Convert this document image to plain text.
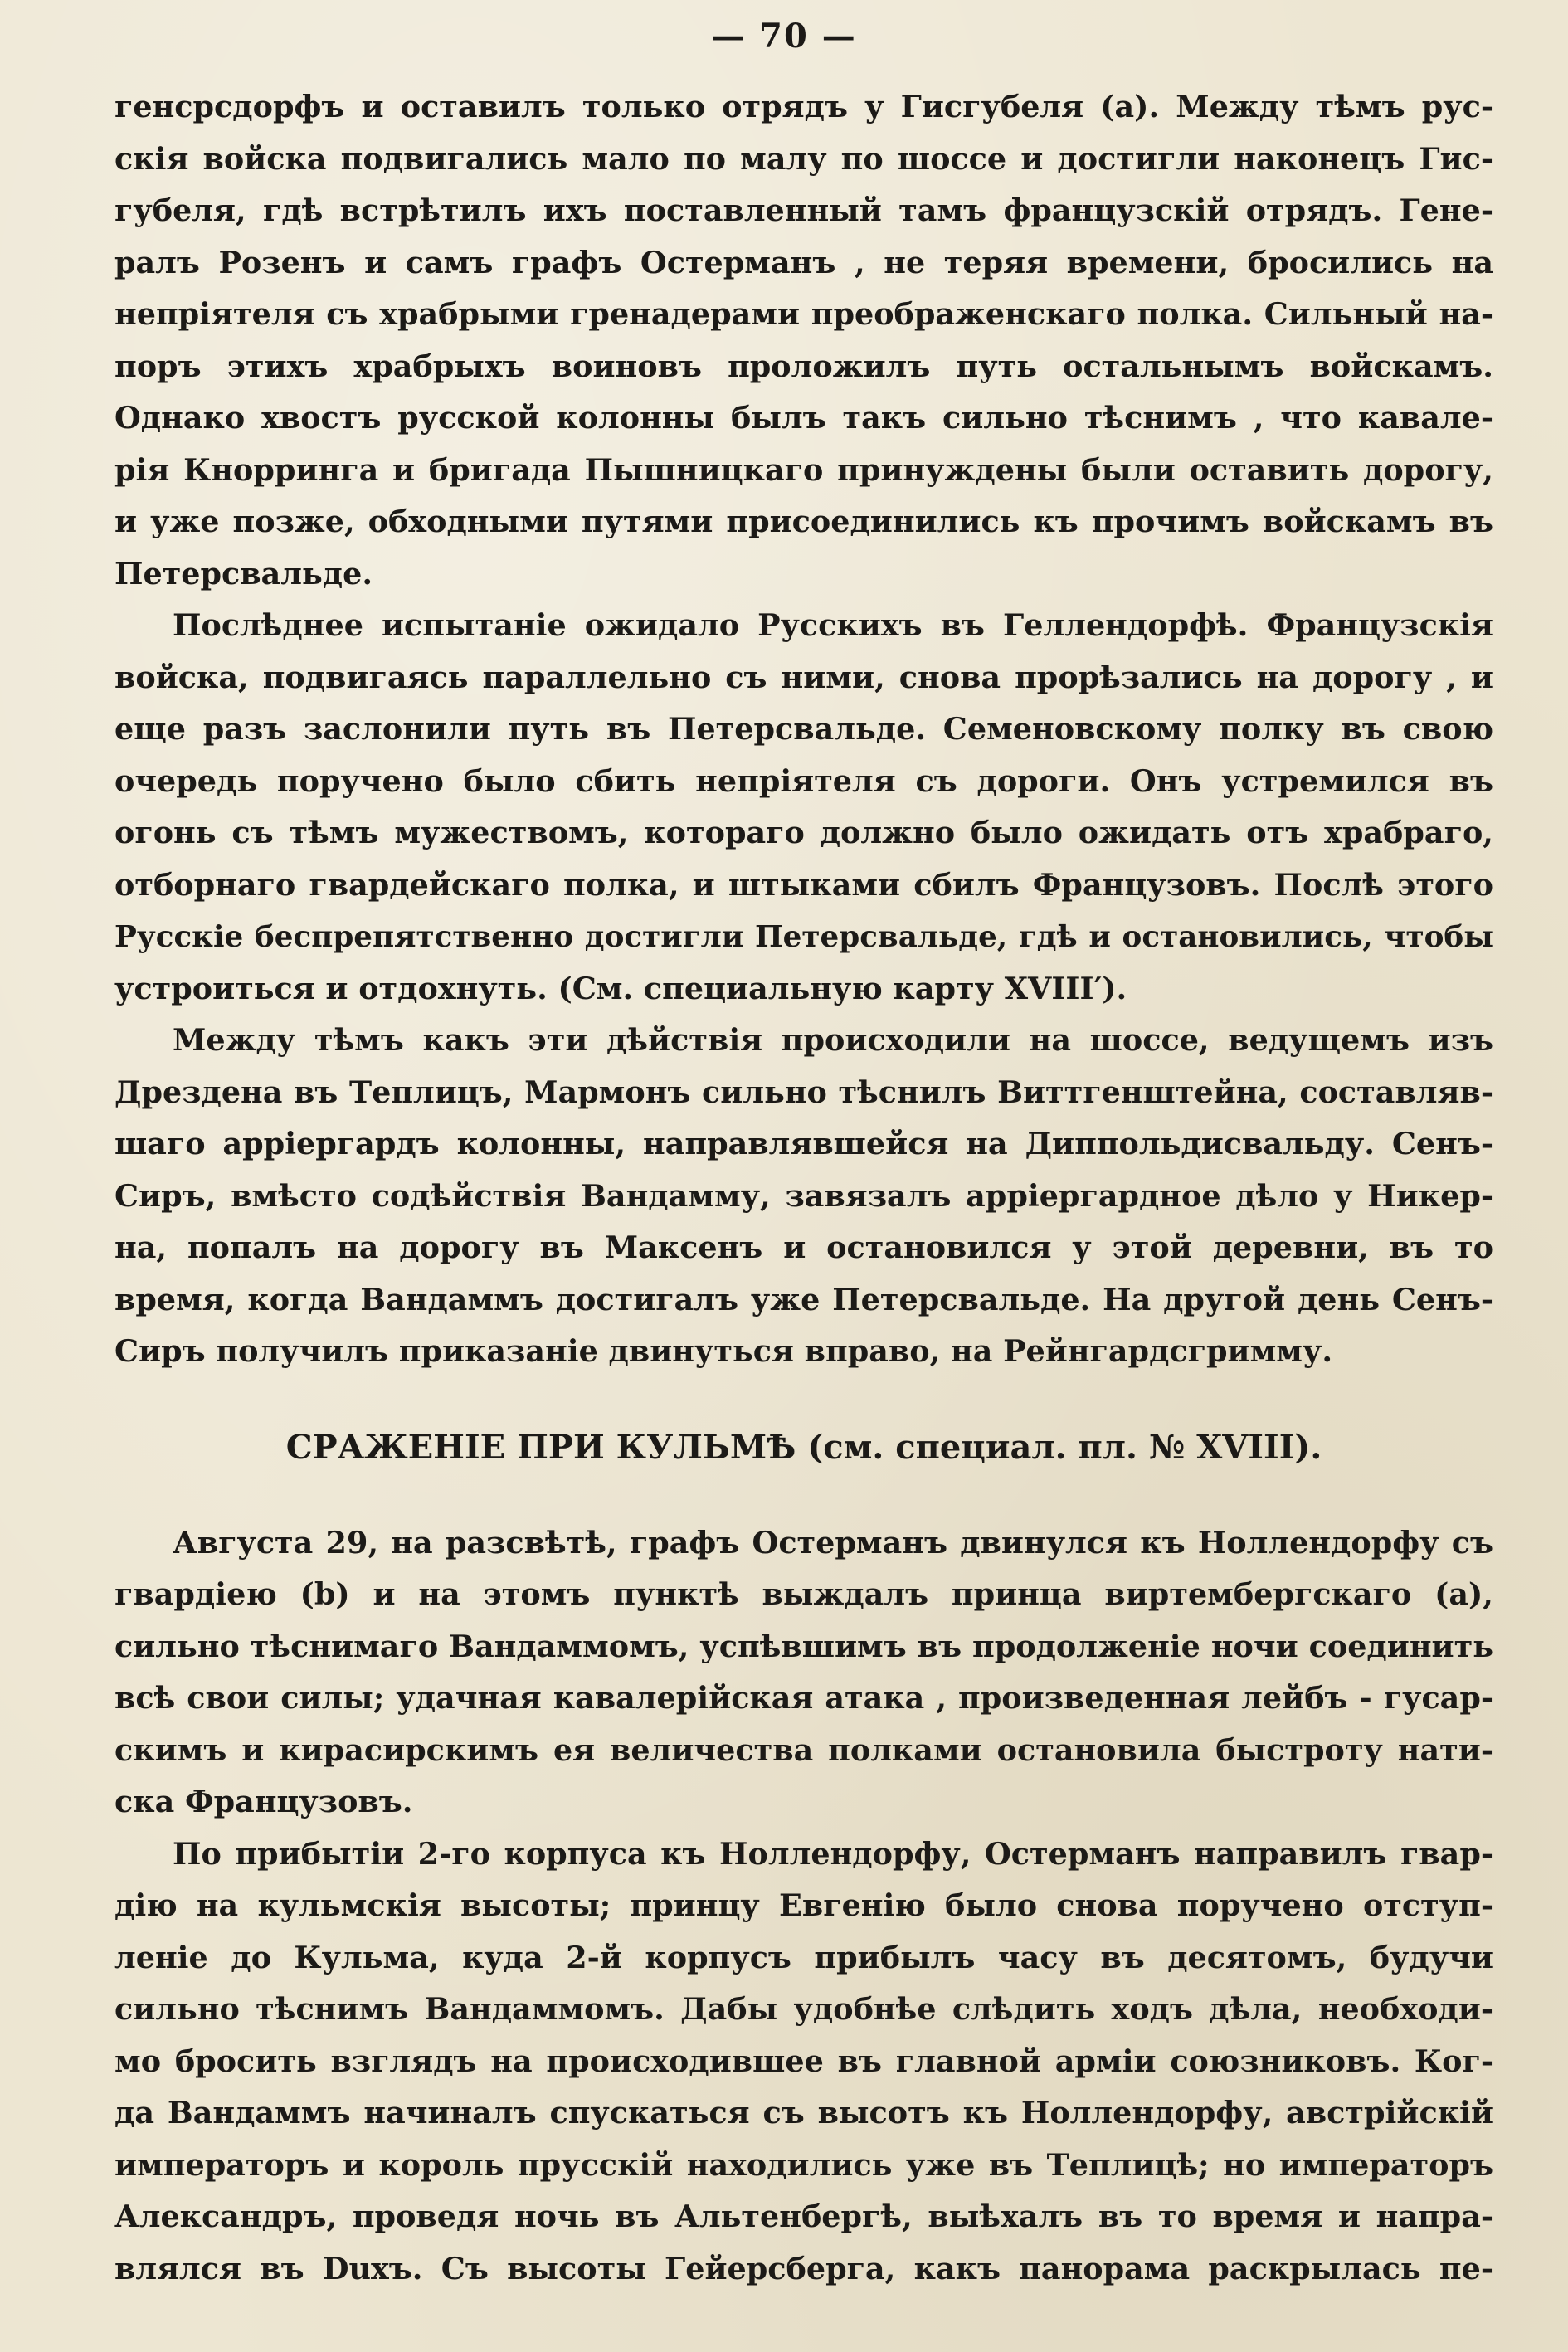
— 70 —
генсрсдорфъ и оставилъ только отрядъ у Гисгубеля (а). Между тѣмъ рус-
скія войска подвигались мало по малу по шоссе и достигли наконецъ Гис-
губеля, гдѣ встрѣтилъ ихъ поставленный тамъ французскій отрядъ. Гене-
ралъ Розенъ и самъ графъ Остерманъ , не теряя времени, бросились на
непріятеля съ храбрыми гренадерами преображенскаго полка. Сильный на-
поръ этихъ храбрыхъ воиновъ проложилъ путь остальнымъ войскамъ.
Однако хвостъ русской колонны былъ такъ сильно тѣснимъ , что кавале-
рія Кнорринга и бригада Пышницкаго принуждены были оставить дорогу,
и уже позже, обходными путями присоединились къ прочимъ войскамъ въ
Петерсвальде.
Послѣднее испытаніе ожидало Русскихъ въ Геллендорфѣ. Французскія
войска, подвигаясь параллельно съ ними, снова прорѣзались на дорогу , и
еще разъ заслонили путь въ Петерсвальде. Семеновскому полку въ свою
очередь поручено было сбить непріятеля съ дороги. Онъ устремился въ
огонь съ тѣмъ мужествомъ, котораго должно было ожидать отъ храбраго,
отборнаго гвардейскаго полка, и штыками сбилъ Французовъ. Послѣ этого
Русскіе беспрепятственно достигли Петерсвальде, гдѣ и остановились, чтобы
устроиться и отдохнуть. (См. специальную карту XVIII′).
Между тѣмъ какъ эти дѣйствія происходили на шоссе, ведущемъ изъ
Дрездена въ Теплицъ, Мармонъ сильно тѣснилъ Виттгенштейна, составляв-
шаго аррiергардъ колонны, направлявшейся на Диппольдисвальду. Сенъ-
Сиръ, вмѣсто содѣйствія Вандамму, завязалъ аррiергардное дѣло у Никер-
на, попалъ на дорогу въ Максенъ и остановился у этой деревни, въ то
время, когда Вандаммъ достигалъ уже Петерсвальде. На другой день Сенъ-
Сиръ получилъ приказаніе двинуться вправо, на Рейнгардсгримму.
СРАЖЕНІЕ ПРИ КУЛЬМѢ (см. специал. пл. № XVIII).
Августа 29, на разсвѣтѣ, графъ Остерманъ двинулся къ Ноллендорфу съ
гвардіею (b) и на этомъ пунктѣ выждалъ принца виртембергскаго (a),
сильно тѣснимаго Вандаммомъ, успѣвшимъ въ продолженіе ночи соединить
всѣ свои силы; удачная кавалерійская атака , произведенная лейбъ - гусар-
скимъ и кирасирскимъ ея величества полками остановила быстроту нати-
ска Французовъ.
По прибытіи 2-го корпуса къ Ноллендорфу, Остерманъ направилъ гвар-
дію на кульмскія высоты; принцу Евгенію было снова поручено отступ-
леніе до Кульма, куда 2-й корпусъ прибылъ часу въ десятомъ, будучи
сильно тѣснимъ Вандаммомъ. Дабы удобнѣе слѣдить ходъ дѣла, необходи-
мо бросить взглядъ на происходившее въ главной арміи союзниковъ. Ког-
да Вандаммъ начиналъ спускаться съ высотъ къ Ноллендорфу, австрійскій
императоръ и король прусскій находились уже въ Теплицѣ; но императоръ
Александръ, проведя ночь въ Альтенбергѣ, выѣхалъ въ то время и напра-
влялся въ Duxъ. Съ высоты Гейерсберга, какъ панорама раскрылась пе-
